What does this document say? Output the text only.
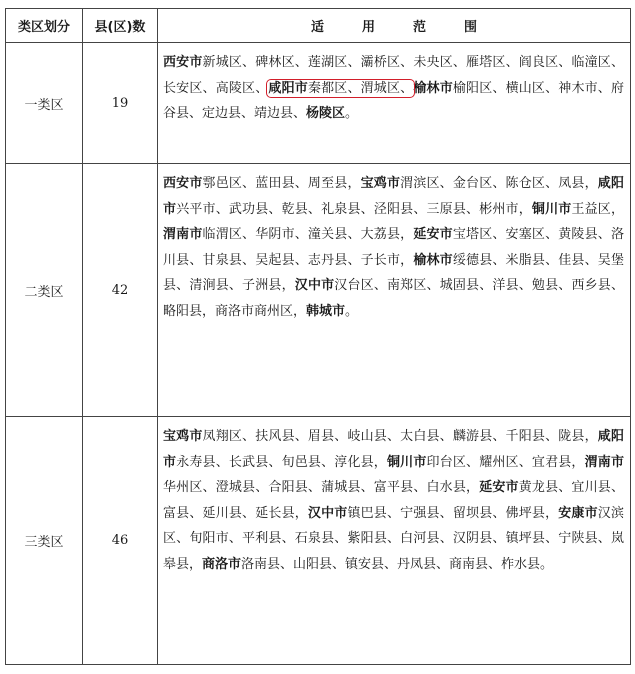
类区划分	县(区)数	适用范围
一类区	19	西安市新城区、碑林区、莲湖区、灞桥区、未央区、雁塔区、阎良区、临潼区、长安区、高陵区、咸阳市秦都区、渭城区、榆林市榆阳区、横山区、神木市、府谷县、定边县、靖边县、杨陵区。
二类区	42	西安市鄠邑区、蓝田县、周至县，宝鸡市渭滨区、金台区、陈仓区、凤县，咸阳市兴平市、武功县、乾县、礼泉县、泾阳县、三原县、彬州市，铜川市王益区，渭南市临渭区、华阴市、潼关县、大荔县，延安市宝塔区、安塞区、黄陵县、洛川县、甘泉县、吴起县、志丹县、子长市，榆林市绥德县、米脂县、佳县、吴堡县、清涧县、子洲县，汉中市汉台区、南郑区、城固县、洋县、勉县、西乡县、略阳县，商洛市商州区，韩城市。
三类区	46	宝鸡市凤翔区、扶风县、眉县、岐山县、太白县、麟游县、千阳县、陇县，咸阳市永寿县、长武县、旬邑县、淳化县，铜川市印台区、耀州区、宜君县，渭南市华州区、澄城县、合阳县、蒲城县、富平县、白水县，延安市黄龙县、宜川县、富县、延川县、延长县，汉中市镇巴县、宁强县、留坝县、佛坪县，安康市汉滨区、旬阳市、平利县、石泉县、紫阳县、白河县、汉阴县、镇坪县、宁陕县、岚皋县，商洛市洛南县、山阳县、镇安县、丹凤县、商南县、柞水县。
